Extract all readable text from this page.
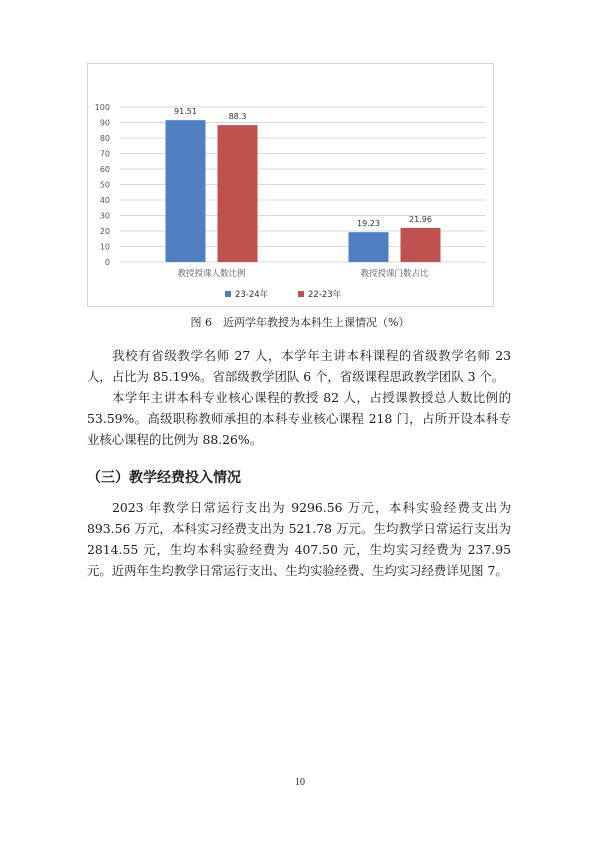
0
10
20
30
40
50
60
70
80
90
100	91.51
88.3
教授授课人数比例
19.23	21.96
教授授课门数占比
23-24年	22-23年
图 6　近两学年教授为本科生上课情况（%）

我校有省级教学名师 27 人，本学年主讲本科课程的省级教学名师 23 人，占比为 85.19%。省部级教学团队 6 个，省级课程思政教学团队 3 个。

本学年主讲本科专业核心课程的教授 82 人，占授课教授总人数比例的 53.59%。高级职称教师承担的本科专业核心课程 218 门，占所开设本科专业核心课程的比例为 88.26%。

（三）教学经费投入情况

2023 年教学日常运行支出为 9296.56 万元，本科实验经费支出为 893.56 万元，本科实习经费支出为 521.78 万元。生均教学日常运行支出为 2814.55 元，生均本科实验经费为 407.50 元，生均实习经费为 237.95 元。近两年生均教学日常运行支出、生均实验经费、生均实习经费详见图 7。

10
